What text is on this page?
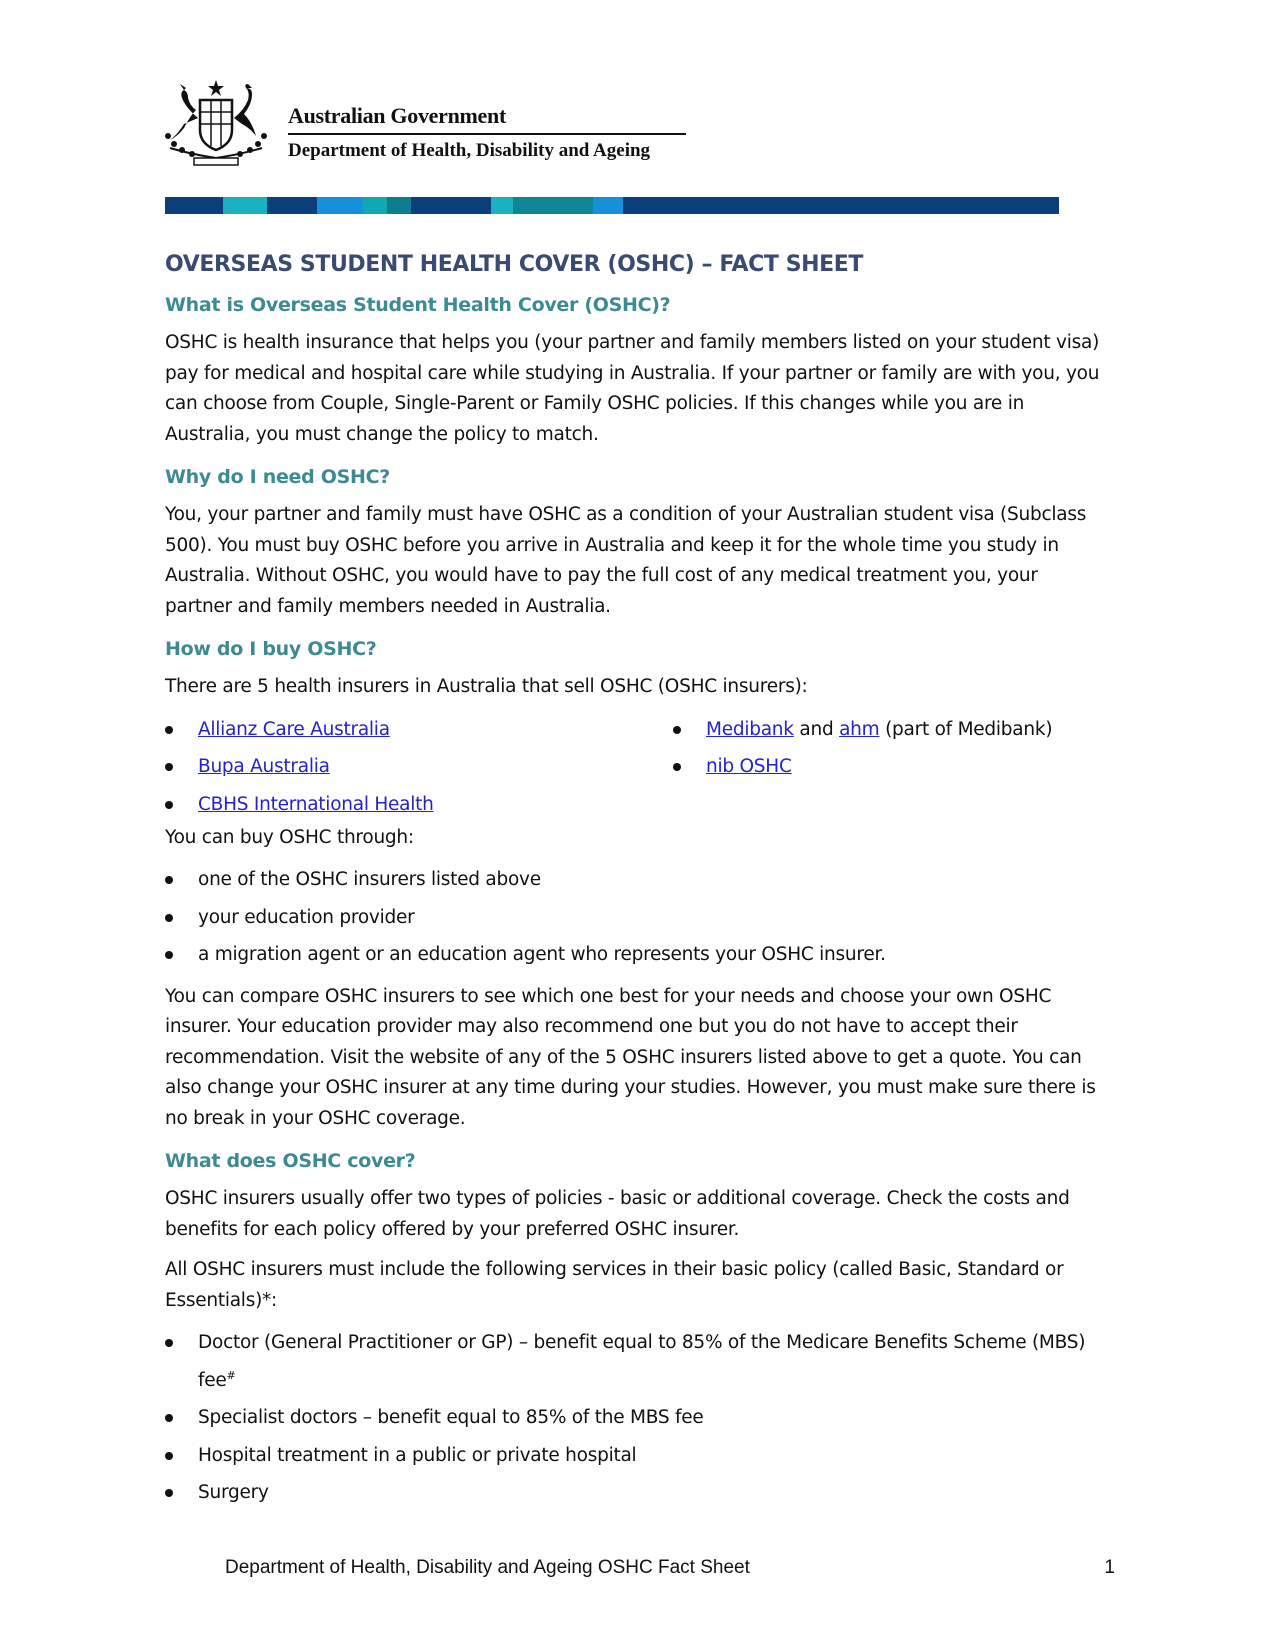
Australian Government
Department of Health, Disability and Ageing
OVERSEAS STUDENT HEALTH COVER (OSHC) – FACT SHEET
What is Overseas Student Health Cover (OSHC)?

OSHC is health insurance that helps you (your partner and family members listed on your student visa) pay for medical and hospital care while studying in Australia. If your partner or family are with you, you can choose from Couple, Single-Parent or Family OSHC policies. If this changes while you are in Australia, you must change the policy to match.

Why do I need OSHC?

You, your partner and family must have OSHC as a condition of your Australian student visa (Subclass 500). You must buy OSHC before you arrive in Australia and keep it for the whole time you study in Australia. Without OSHC, you would have to pay the full cost of any medical treatment you, your partner and family members needed in Australia.

How do I buy OSHC?

There are 5 health insurers in Australia that sell OSHC (OSHC insurers):

Allianz Care Australia
Bupa Australia
CBHS International Health
Medibank and ahm (part of Medibank)
nib OSHC

You can buy OSHC through:

one of the OSHC insurers listed above
your education provider
a migration agent or an education agent who represents your OSHC insurer.

You can compare OSHC insurers to see which one best for your needs and choose your own OSHC insurer. Your education provider may also recommend one but you do not have to accept their recommendation. Visit the website of any of the 5 OSHC insurers listed above to get a quote. You can also change your OSHC insurer at any time during your studies. However, you must make sure there is no break in your OSHC coverage.

What does OSHC cover?

OSHC insurers usually offer two types of policies - basic or additional coverage. Check the costs and benefits for each policy offered by your preferred OSHC insurer.

All OSHC insurers must include the following services in their basic policy (called Basic, Standard or Essentials)*:

Doctor (General Practitioner or GP) – benefit equal to 85% of the Medicare Benefits Scheme (MBS) fee#
Specialist doctors – benefit equal to 85% of the MBS fee
Hospital treatment in a public or private hospital
Surgery
Department of Health, Disability and Ageing OSHC Fact Sheet	1
